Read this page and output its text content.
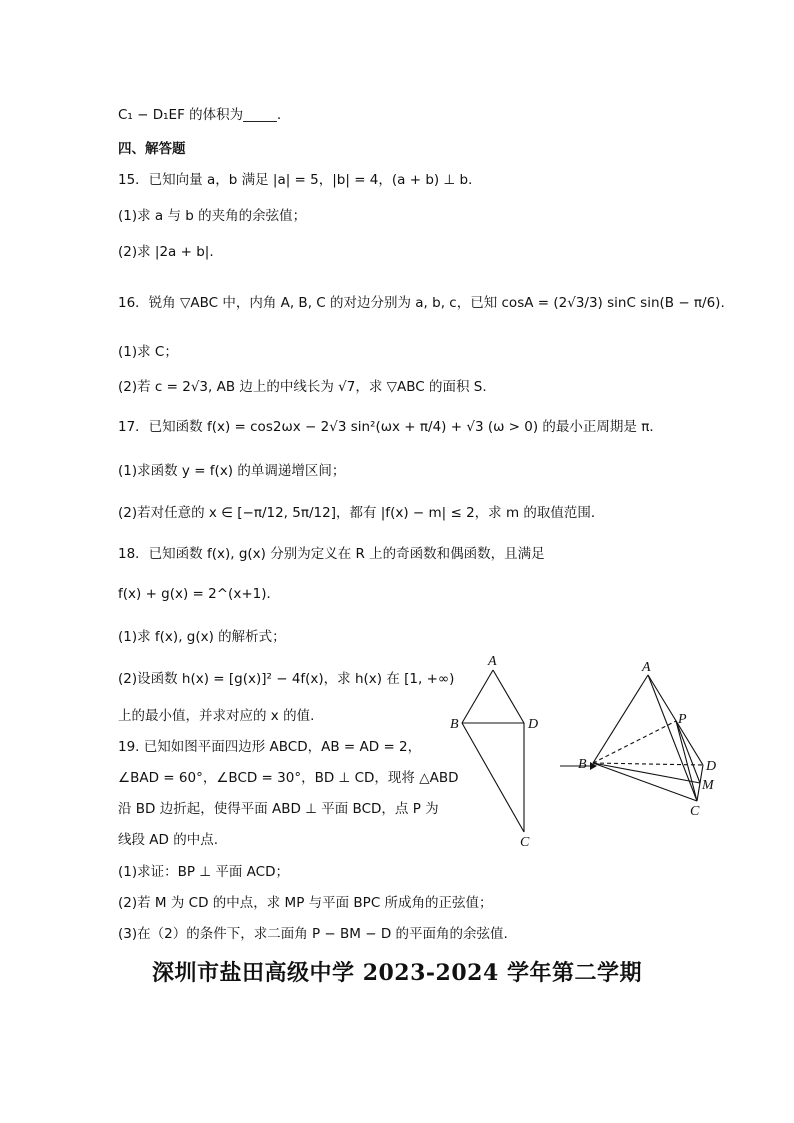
C₁ − D₁EF 的体积为_____.
四、解答题
15．已知向量 a，b 满足 |a| = 5，|b| = 4，(a + b) ⊥ b．
(1)求 a 与 b 的夹角的余弦值；
(2)求 |2a + b|.
16．锐角 ▽ABC 中，内角 A, B, C 的对边分别为 a, b, c，已知 cosA = (2√3/3) sinC sin(B − π/6).
(1)求 C；
(2)若 c = 2√3, AB 边上的中线长为 √7，求 ▽ABC 的面积 S.
17．已知函数 f(x) = cos2ωx − 2√3 sin²(ωx + π/4) + √3 (ω > 0) 的最小正周期是 π．
(1)求函数 y = f(x) 的单调递增区间；
(2)若对任意的 x ∈ [−π/12, 5π/12]，都有 |f(x) − m| ≤ 2，求 m 的取值范围．
18．已知函数 f(x), g(x) 分别为定义在 R 上的奇函数和偶函数，且满足
f(x) + g(x) = 2^(x+1)．
(1)求 f(x), g(x) 的解析式；
(2)设函数 h(x) = [g(x)]² − 4f(x)，求 h(x) 在 [1, +∞)
上的最小值，并求对应的 x 的值.
19. 已知如图平面四边形 ABCD，AB = AD = 2，
∠BAD = 60°，∠BCD = 30°，BD ⊥ CD，现将 △ABD
沿 BD 边折起，使得平面 ABD ⊥ 平面 BCD，点 P 为
线段 AD 的中点.
(1)求证：BP ⊥ 平面 ACD；
(2)若 M 为 CD 的中点，求 MP 与平面 BPC 所成角的正弦值；
(3)在（2）的条件下，求二面角 P − BM − D 的平面角的余弦值.
A
B	D
C
A
P
B	D
M
C
深圳市盐田高级中学 2023-2024 学年第二学期
